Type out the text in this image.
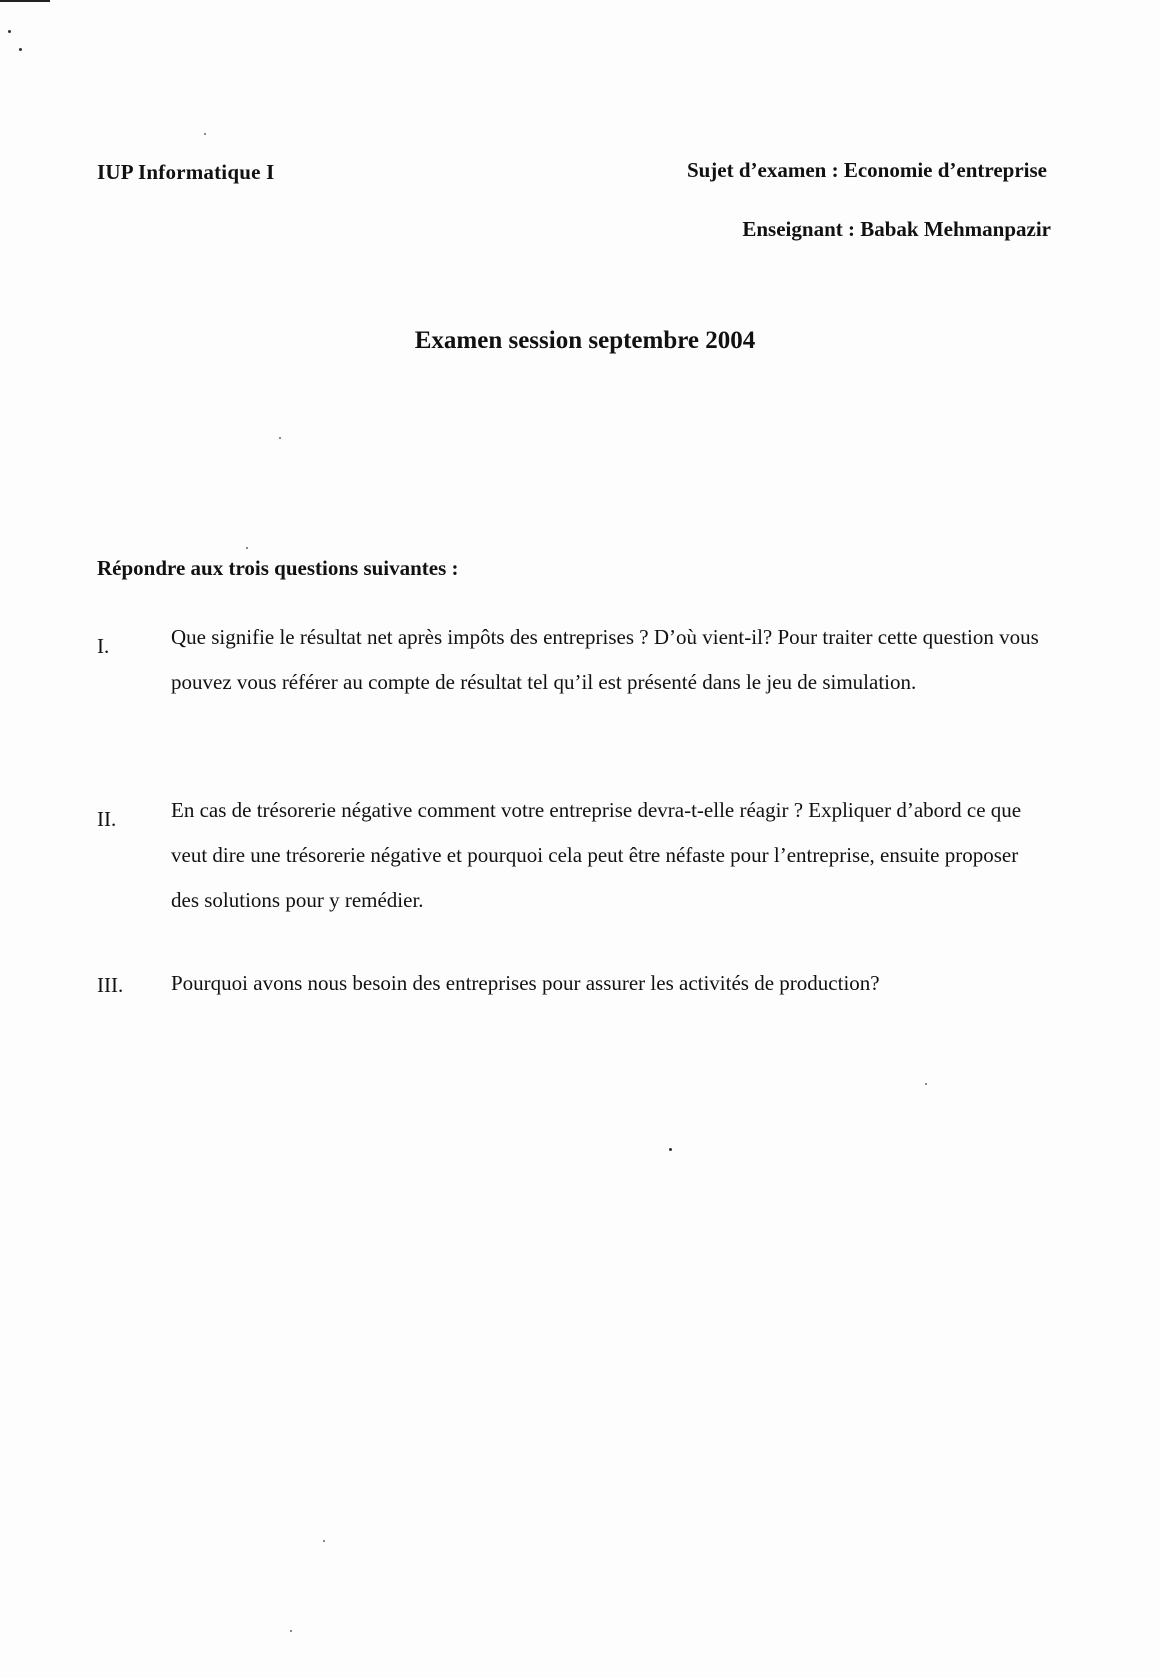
IUP Informatique I	Sujet d’examen : Economie d’entreprise
Enseignant : Babak Mehmanpazir
Examen session septembre 2004
Répondre aux trois questions suivantes :
I.	Que signifie le résultat net après impôts des entreprises ? D’où vient-il? Pour traiter cette question vous pouvez vous référer au compte de résultat tel qu’il est présenté dans le jeu de simulation.
II.	En cas de trésorerie négative comment votre entreprise devra-t-elle réagir ? Expliquer d’abord ce que veut dire une trésorerie négative et pourquoi cela peut être néfaste pour l’entreprise, ensuite proposer des solutions pour y remédier.
III.	Pourquoi avons nous besoin des entreprises pour assurer les activités de production?
